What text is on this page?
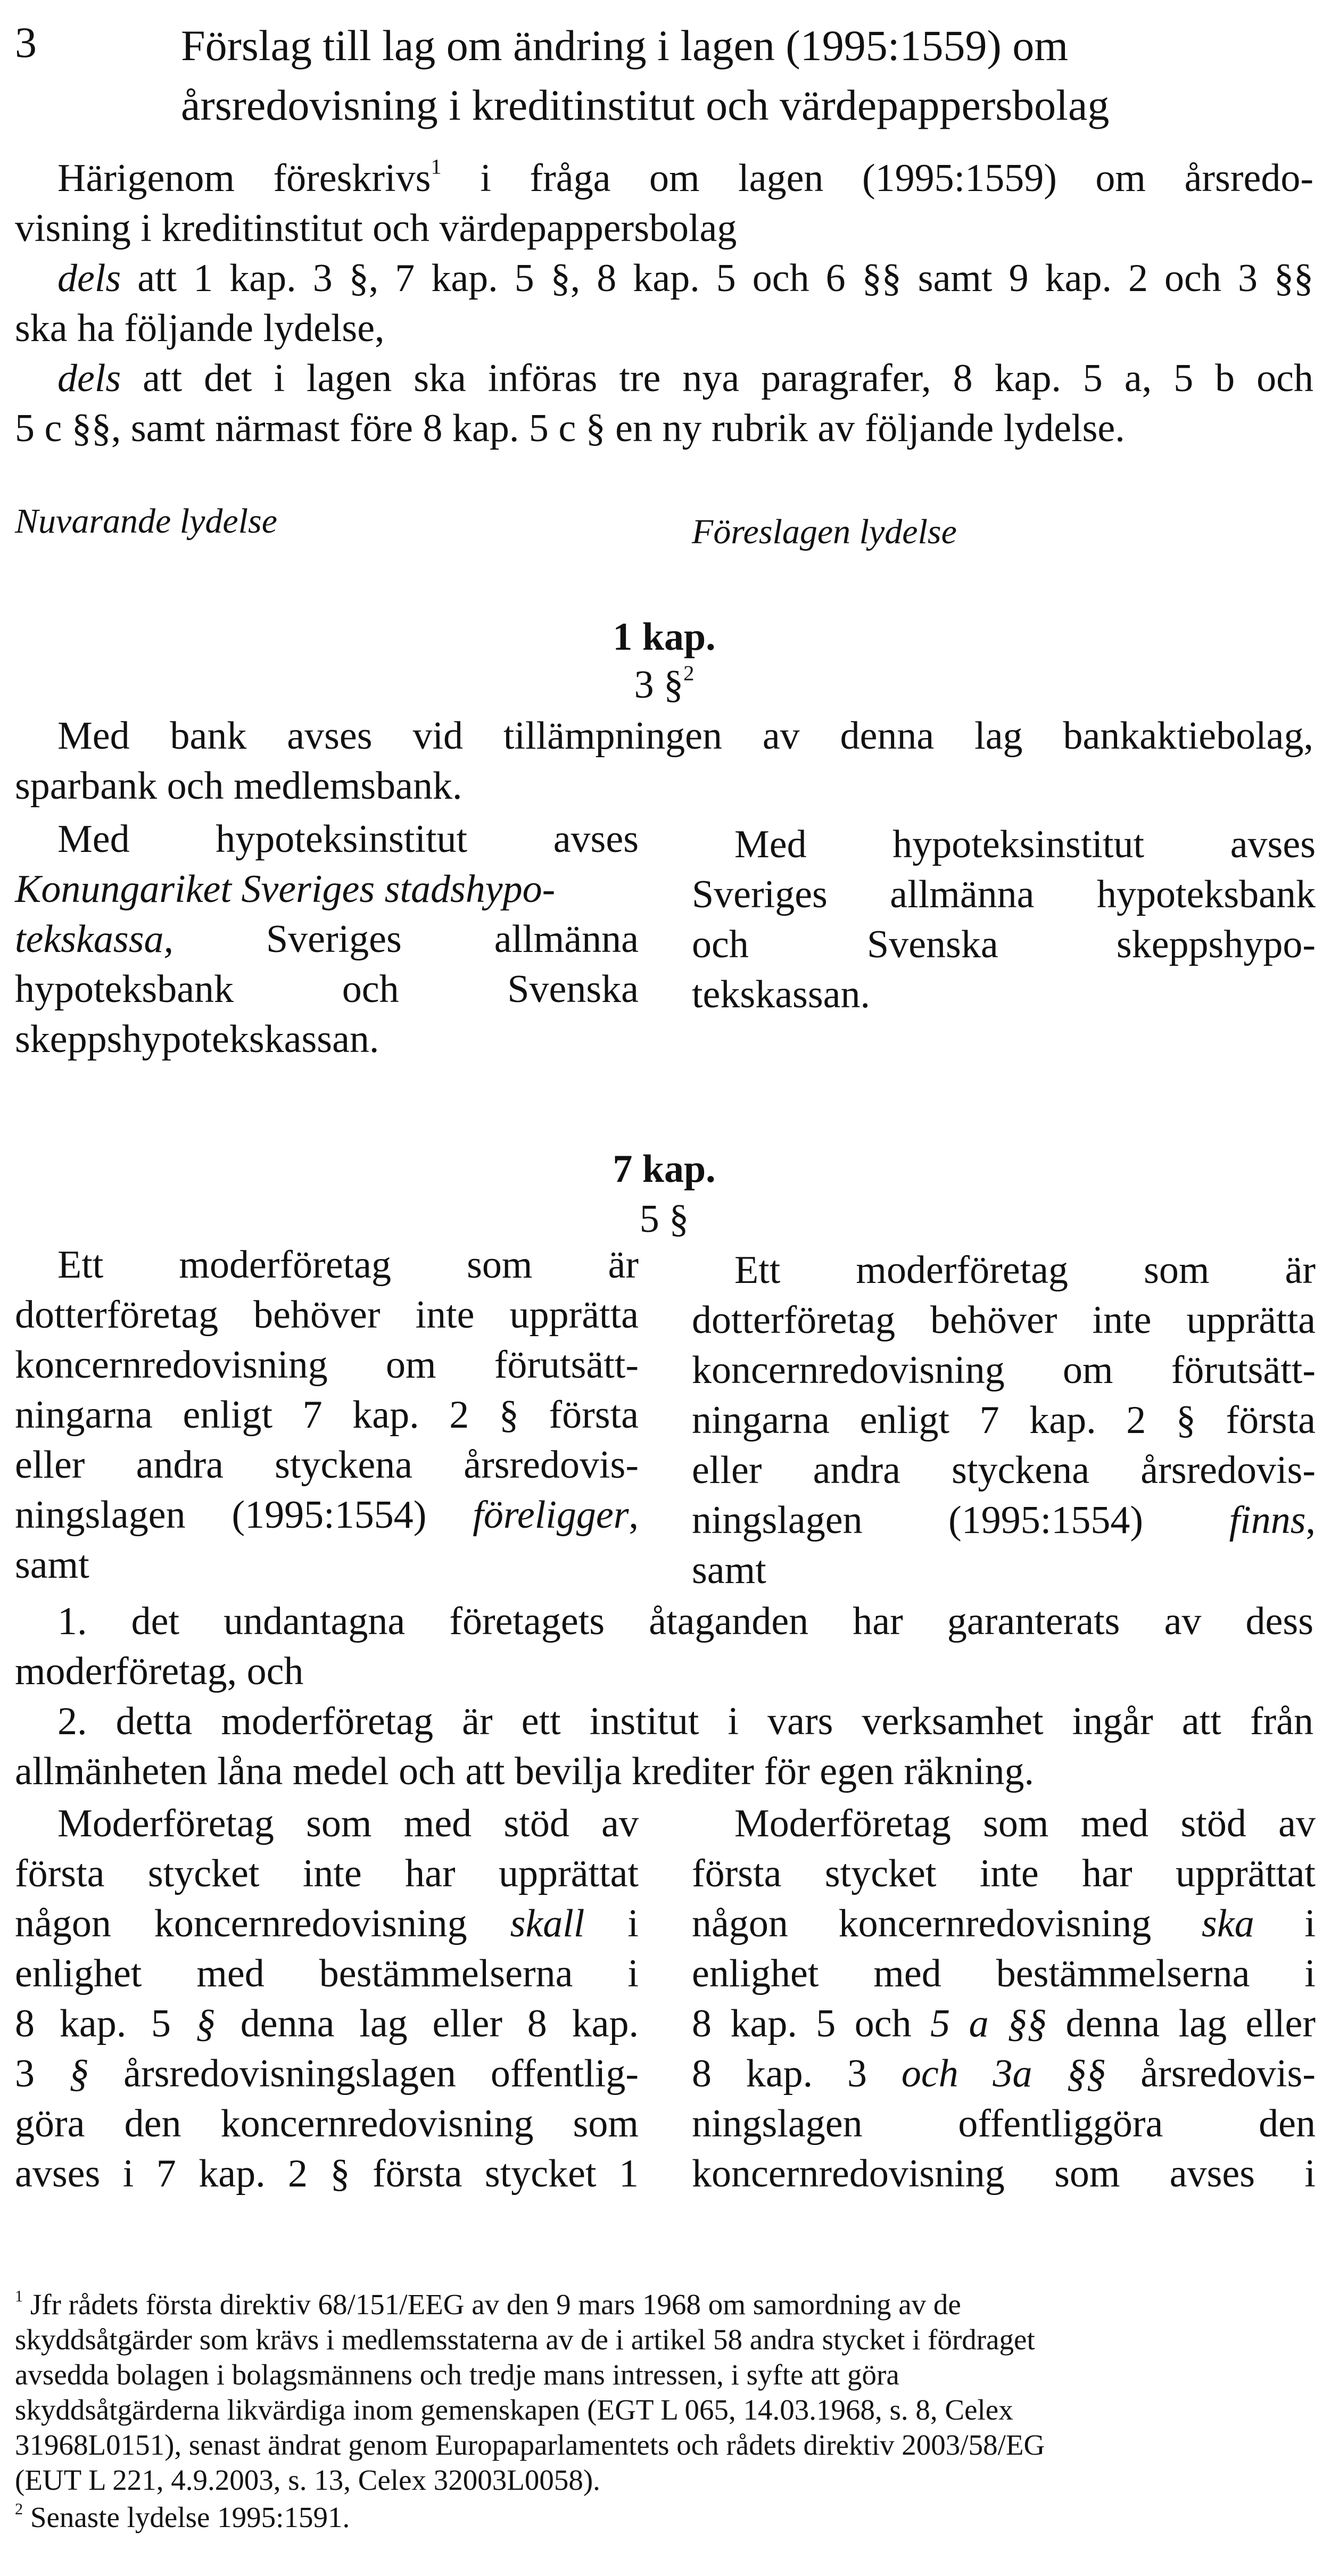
3	Förslag till lag om ändring i lagen (1995:1559) om årsredovisning i kreditinstitut och värdepappersbolag
Härigenom föreskrivs$^1$ i fråga om lagen (1995:1559) om årsredo-
visning i kreditinstitut och värdepappersbolag
dels att 1 kap. 3 §, 7 kap. 5 §, 8 kap. 5 och 6 §§ samt 9 kap. 2 och 3 §§
ska ha följande lydelse,
dels att det i lagen ska införas tre nya paragrafer, 8 kap. 5 a, 5 b och
5 c §§, samt närmast före 8 kap. 5 c § en ny rubrik av följande lydelse.
Nuvarande lydelse	Föreslagen lydelse
1 kap.
3 §$^2$
Med bank avses vid tillämpningen av denna lag bankaktiebolag,
sparbank och medlemsbank.
Med hypoteksinstitut avses
Konungariket Sveriges stadshypo-
tekskassa, Sveriges allmänna
hypoteksbank och Svenska
skeppshypotekskassan.
Med hypoteksinstitut avses
Sveriges allmänna hypoteksbank
och Svenska skeppshypo-
tekskassan.
7 kap.
5 §
Ett moderföretag som är
dotterföretag behöver inte upprätta
koncernredovisning om förutsätt-
ningarna enligt 7 kap. 2 § första
eller andra styckena årsredovis-
ningslagen (1995:1554) föreligger,
samt
Ett moderföretag som är
dotterföretag behöver inte upprätta
koncernredovisning om förutsätt-
ningarna enligt 7 kap. 2 § första
eller andra styckena årsredovis-
ningslagen (1995:1554) finns,
samt
1. det undantagna företagets åtaganden har garanterats av dess
moderföretag, och
2. detta moderföretag är ett institut i vars verksamhet ingår att från
allmänheten låna medel och att bevilja krediter för egen räkning.
Moderföretag som med stöd av
första stycket inte har upprättat
någon koncernredovisning skall i
enlighet med bestämmelserna i
8 kap. 5 § denna lag eller 8 kap.
3 § årsredovisningslagen offentlig-
göra den koncernredovisning som
avses i 7 kap. 2 § första stycket 1
Moderföretag som med stöd av
första stycket inte har upprättat
någon koncernredovisning ska i
enlighet med bestämmelserna i
8 kap. 5 och 5 a §§ denna lag eller
8 kap. 3 och 3a §§ årsredovis-
ningslagen offentliggöra den
koncernredovisning som avses i
$^1$ Jfr rådets första direktiv 68/151/EEG av den 9 mars 1968 om samordning av de
skyddsåtgärder som krävs i medlemsstaterna av de i artikel 58 andra stycket i fördraget
avsedda bolagen i bolagsmännens och tredje mans intressen, i syfte att göra
skyddsåtgärderna likvärdiga inom gemenskapen (EGT L 065, 14.03.1968, s. 8, Celex
31968L0151), senast ändrat genom Europaparlamentets och rådets direktiv 2003/58/EG
(EUT L 221, 4.9.2003, s. 13, Celex 32003L0058).
$^2$ Senaste lydelse 1995:1591.
